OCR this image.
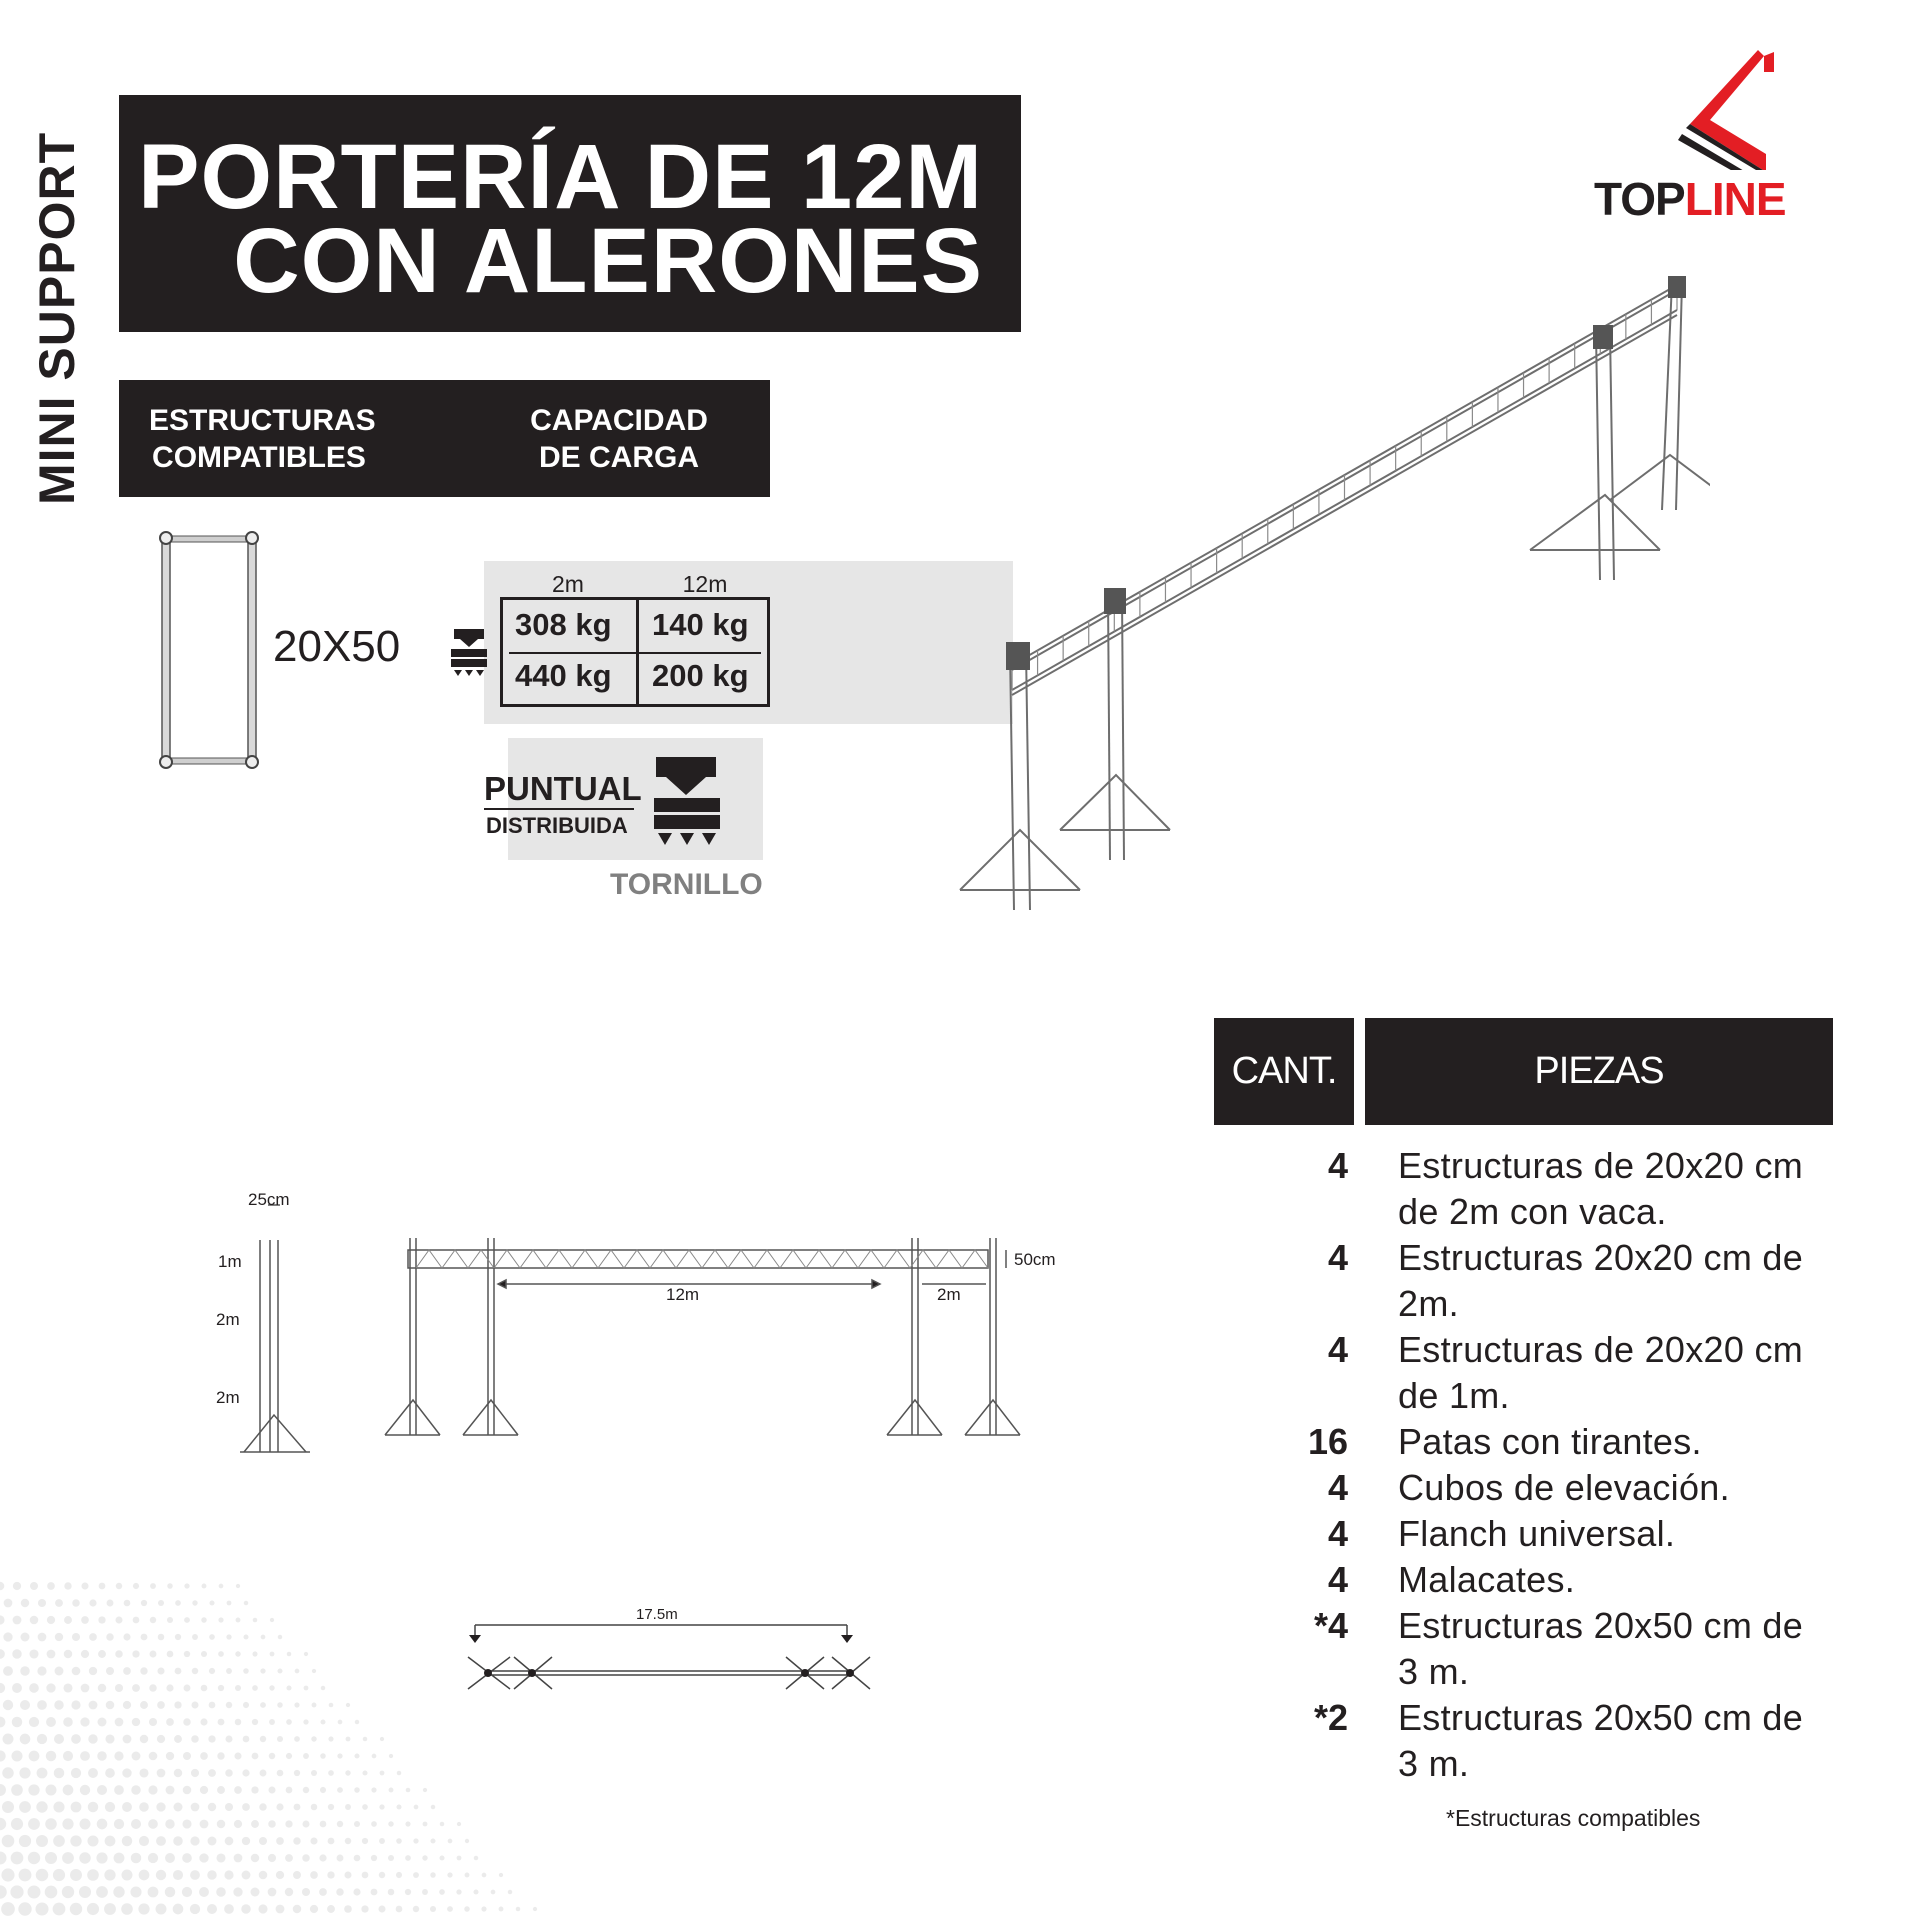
MINI SUPPORT PORTERÍA DE 12M
CON ALERONES
TOPLINE
ESTRUCTURAS
COMPATIBLES
CAPACIDAD
DE CARGA
20X50
2m	12m
308 kg 140 kg
440 kg 200 kg
PUNTUAL
DISTRIBUIDA
TORNILLO
25cm
1m
2m
2m
12m	2m
50cm
17.5m
CANT.	PIEZAS
4 Estructuras de 20x20 cm
de 2m con vaca.
4 Estructuras 20x20 cm de
2m.
4 Estructuras de 20x20 cm
de 1m.
16 Patas con tirantes.
4 Cubos de elevación.
4 Flanch universal.
4 Malacates.
*4 Estructuras 20x50 cm de
3 m.
*2 Estructuras 20x50 cm de
3 m.
*Estructuras compatibles
